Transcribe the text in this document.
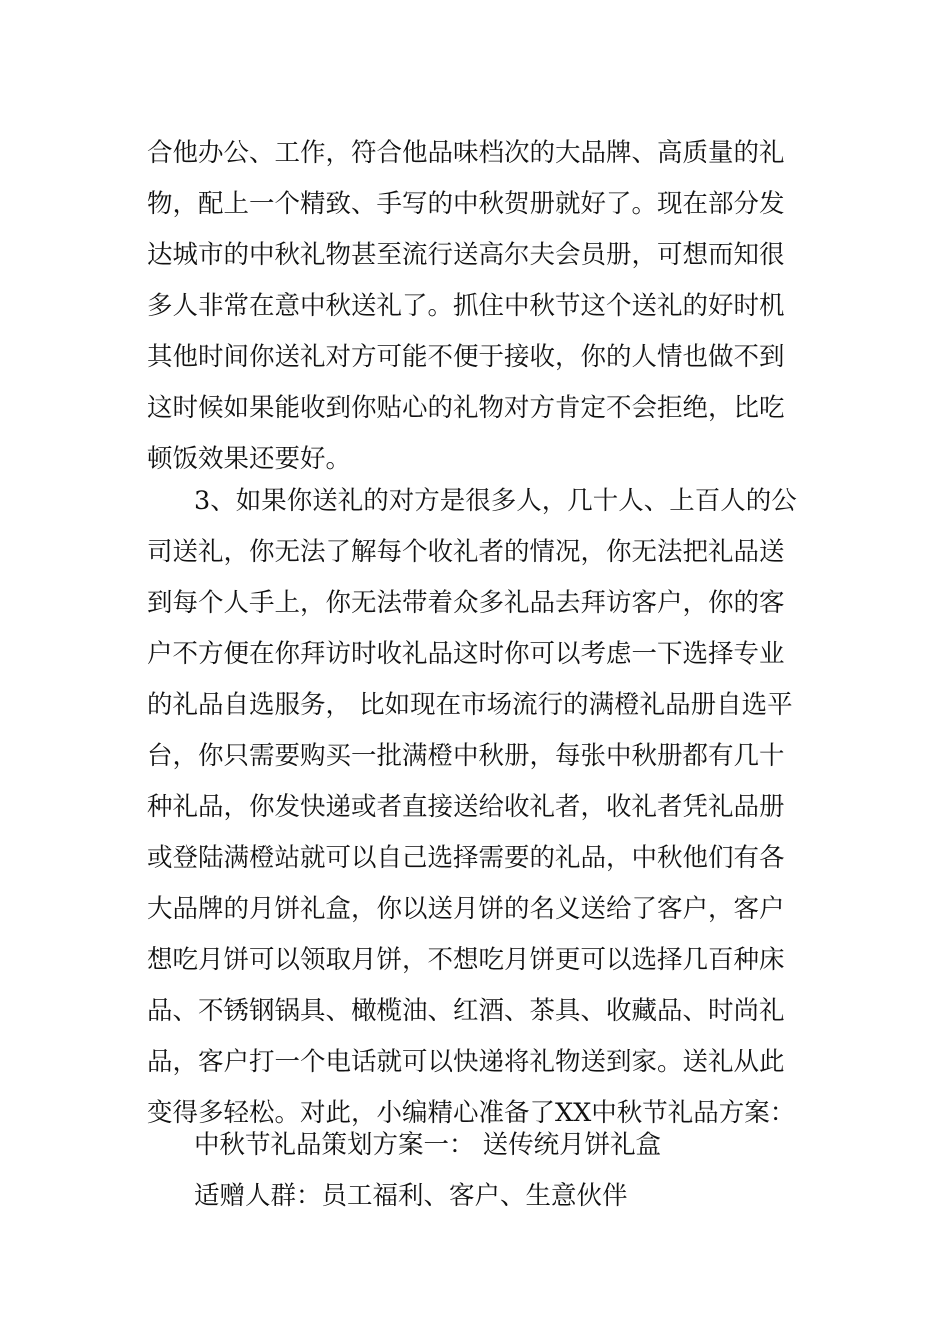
合他办公、工作，符合他品味档次的大品牌、高质量的礼
物，配上一个精致、手写的中秋贺册就好了。现在部分发
达城市的中秋礼物甚至流行送高尔夫会员册，可想而知很
多人非常在意中秋送礼了。抓住中秋节这个送礼的好时机
其他时间你送礼对方可能不便于接收，你的人情也做不到
这时候如果能收到你贴心的礼物对方肯定不会拒绝，比吃
顿饭效果还要好。
3、如果你送礼的对方是很多人，几十人、上百人的公
司送礼，你无法了解每个收礼者的情况，你无法把礼品送
到每个人手上，你无法带着众多礼品去拜访客户，你的客
户不方便在你拜访时收礼品这时你可以考虑一下选择专业
的礼品自选服务， 比如现在市场流行的满橙礼品册自选平
台，你只需要购买一批满橙中秋册，每张中秋册都有几十
种礼品，你发快递或者直接送给收礼者，收礼者凭礼品册
或登陆满橙站就可以自己选择需要的礼品，中秋他们有各
大品牌的月饼礼盒，你以送月饼的名义送给了客户，客户
想吃月饼可以领取月饼，不想吃月饼更可以选择几百种床
品、不锈钢锅具、橄榄油、红酒、茶具、收藏品、时尚礼
品，客户打一个电话就可以快递将礼物送到家。送礼从此
变得多轻松。对此，小编精心准备了XX中秋节礼品方案：
中秋节礼品策划方案一： 送传统月饼礼盒
适赠人群：员工福利、客户、生意伙伴
